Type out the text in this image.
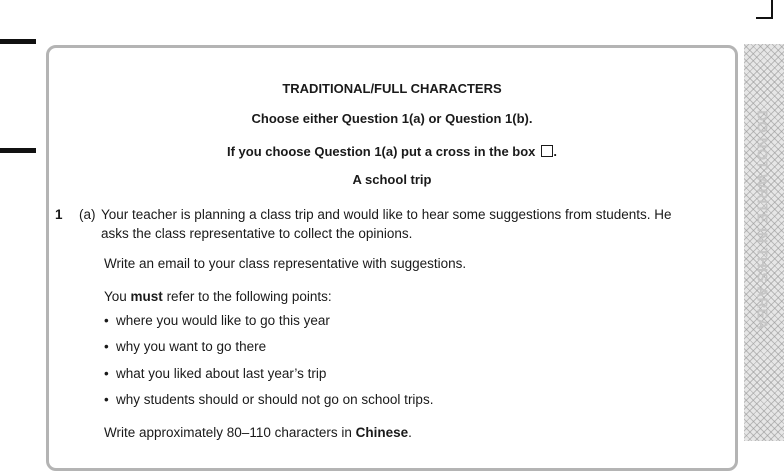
DO NOT WRITE IN THIS AREA
TRADITIONAL/FULL CHARACTERS
Choose either Question 1(a) or Question 1(b).
If you choose Question 1(a) put a cross in the box .
A school trip
1 (a) Your teacher is planning a class trip and would like to hear some suggestions from students. He asks the class representative to collect the opinions.
Write an email to your class representative with suggestions.
You must refer to the following points:
• where you would like to go this year
• why you want to go there
• what you liked about last year’s trip
• why students should or should not go on school trips.
Write approximately 80–110 characters in Chinese.
